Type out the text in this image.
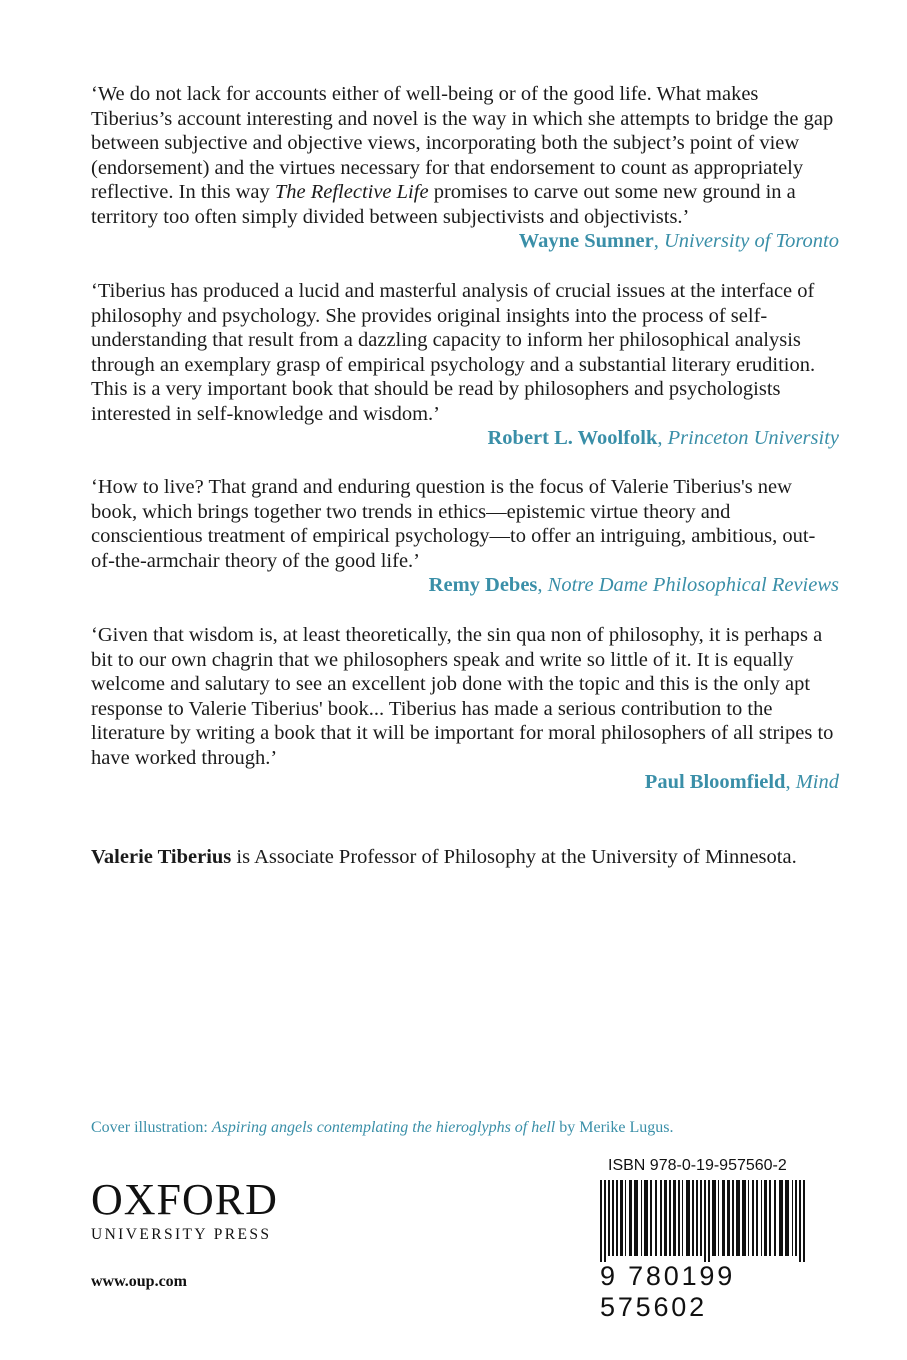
‘We do not lack for accounts either of well-being or of the good life. What makes Tiberius’s account interesting and novel is the way in which she attempts to bridge the gap between subjective and objective views, incorporating both the subject’s point of view (endorsement) and the virtues necessary for that endorsement to count as appropriately reflective. In this way The Reflective Life promises to carve out some new ground in a territory too often simply divided between subjectivists and objectivists.’

Wayne Sumner, University of Toronto

‘Tiberius has produced a lucid and masterful analysis of crucial issues at the interface of philosophy and psychology. She provides original insights into the process of self-understanding that result from a dazzling capacity to inform her philosophical analysis through an exemplary grasp of empirical psychology and a substantial literary erudition. This is a very important book that should be read by philosophers and psychologists interested in self-knowledge and wisdom.’

Robert L. Woolfolk, Princeton University

‘How to live? That grand and enduring question is the focus of Valerie Tiberius's new book, which brings together two trends in ethics—epistemic virtue theory and conscientious treatment of empirical psychology—to offer an intriguing, ambitious, out-of-the-armchair theory of the good life.’

Remy Debes, Notre Dame Philosophical Reviews

‘Given that wisdom is, at least theoretically, the sin qua non of philosophy, it is perhaps a bit to our own chagrin that we philosophers speak and write so little of it. It is equally welcome and salutary to see an excellent job done with the topic and this is the only apt response to Valerie Tiberius' book... Tiberius has made a serious contribution to the literature by writing a book that it will be important for moral philosophers of all stripes to have worked through.’

Paul Bloomfield, Mind
Valerie Tiberius is Associate Professor of Philosophy at the University of Minnesota.
Cover illustration: Aspiring angels contemplating the hieroglyphs of hell by Merike Lugus.
OXFORD
UNIVERSITY PRESS
www.oup.com
ISBN 978-0-19-957560-2
9 780199 575602
